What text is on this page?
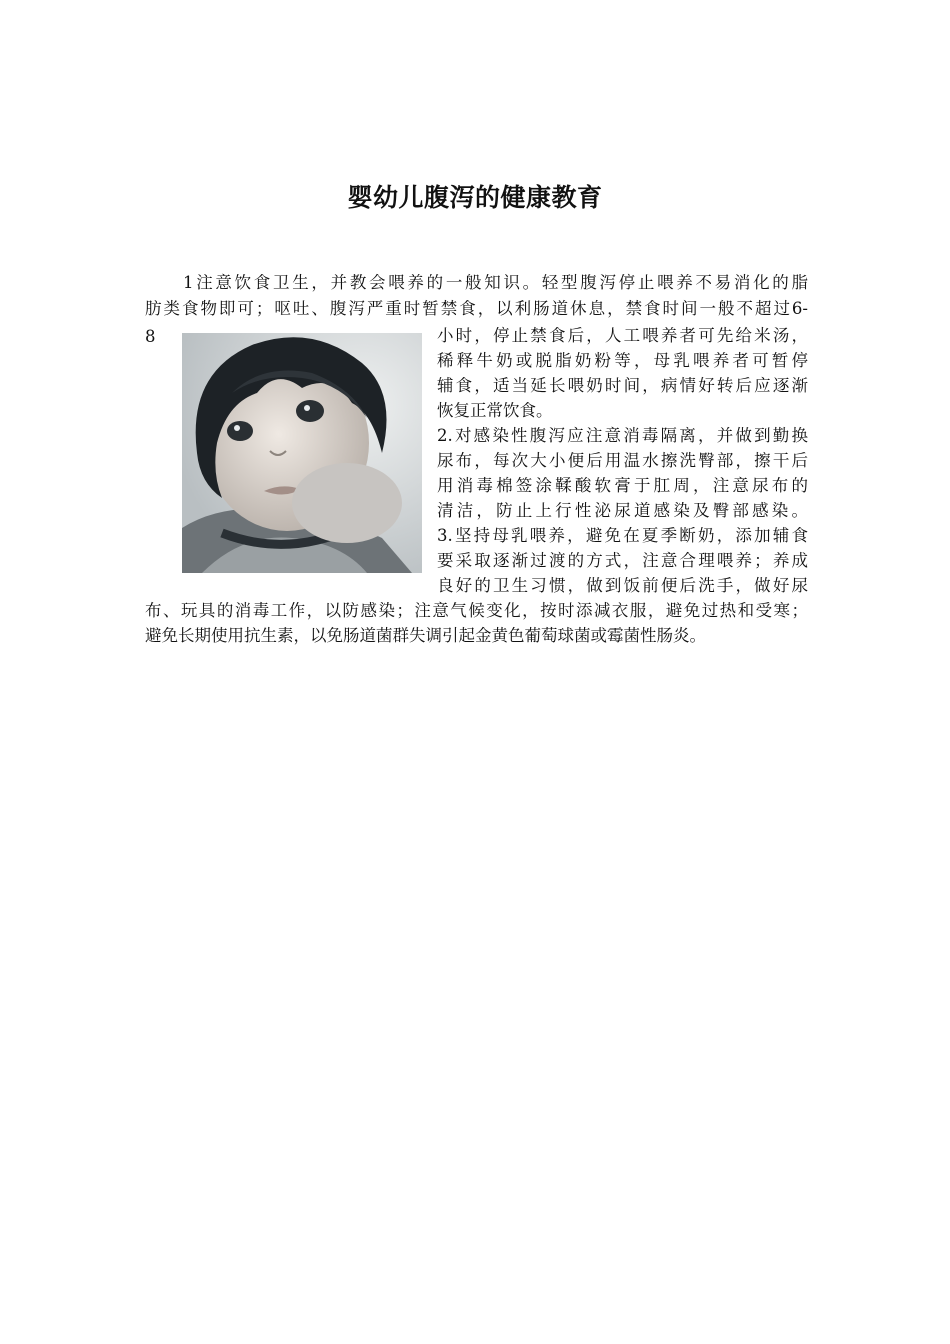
婴幼儿腹泻的健康教育
1注意饮食卫生，并教会喂养的一般知识。轻型腹泻停止喂养不易消化的脂
肪类食物即可；呕吐、腹泻严重时暂禁食，以利肠道休息，禁食时间一般不超过6-
8	小时，停止禁食后，人工喂养者可先给米汤，
稀释牛奶或脱脂奶粉等，母乳喂养者可暂停
辅食，适当延长喂奶时间，病情好转后应逐渐
恢复正常饮食。
2.对感染性腹泻应注意消毒隔离，并做到勤换
尿布，每次大小便后用温水擦洗臀部，擦干后
用消毒棉签涂鞣酸软膏于肛周，注意尿布的
清洁，防止上行性泌尿道感染及臀部感染。
3.坚持母乳喂养，避免在夏季断奶，添加辅食
要采取逐渐过渡的方式，注意合理喂养；养成
良好的卫生习惯，做到饭前便后洗手，做好尿
布、玩具的消毒工作，以防感染；注意气候变化，按时添减衣服，避免过热和受寒；
避免长期使用抗生素，以免肠道菌群失调引起金黄色葡萄球菌或霉菌性肠炎。
